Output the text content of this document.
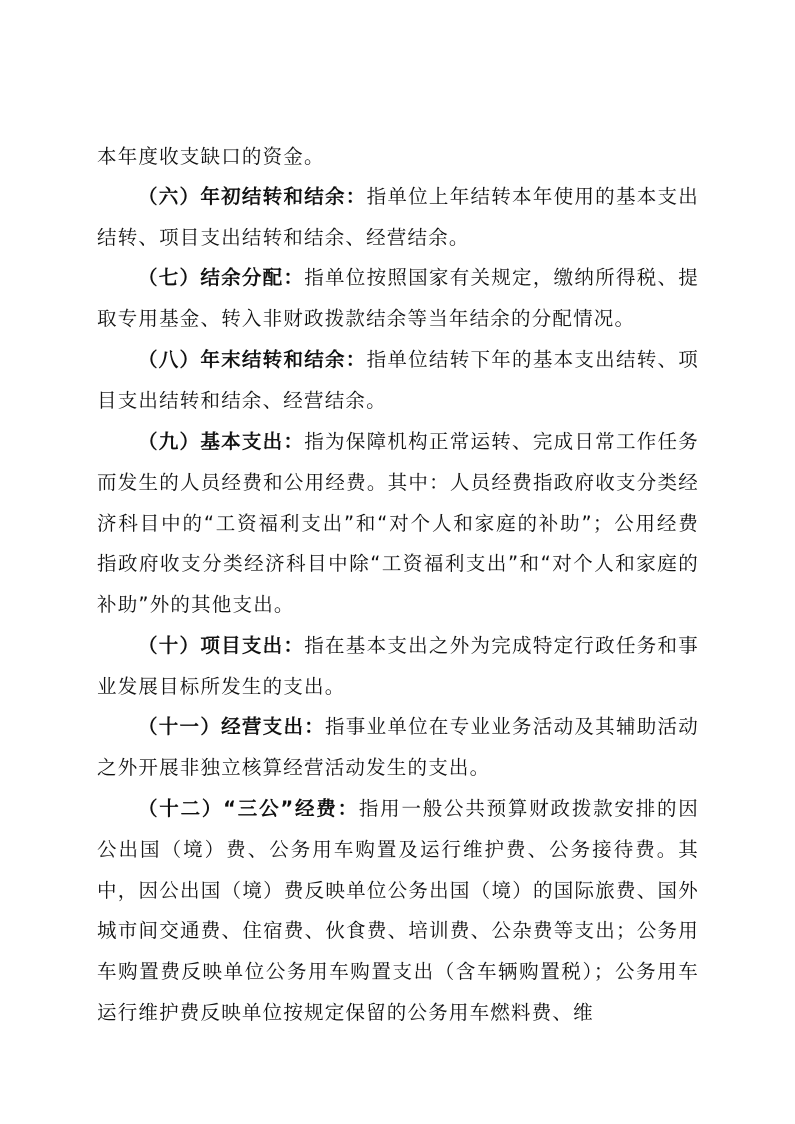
本年度收支缺口的资金。

（六）年初结转和结余：指单位上年结转本年使用的基本支出结转、项目支出结转和结余、经营结余。

（七）结余分配：指单位按照国家有关规定，缴纳所得税、提取专用基金、转入非财政拨款结余等当年结余的分配情况。

（八）年末结转和结余：指单位结转下年的基本支出结转、项目支出结转和结余、经营结余。

（九）基本支出：指为保障机构正常运转、完成日常工作任务而发生的人员经费和公用经费。其中：人员经费指政府收支分类经济科目中的“工资福利支出”和“对个人和家庭的补助”；公用经费指政府收支分类经济科目中除“工资福利支出”和“对个人和家庭的补助”外的其他支出。

（十）项目支出：指在基本支出之外为完成特定行政任务和事业发展目标所发生的支出。

（十一）经营支出：指事业单位在专业业务活动及其辅助活动之外开展非独立核算经营活动发生的支出。

（十二）“三公”经费：指用一般公共预算财政拨款安排的因公出国（境）费、公务用车购置及运行维护费、公务接待费。其中，因公出国（境）费反映单位公务出国（境）的国际旅费、国外城市间交通费、住宿费、伙食费、培训费、公杂费等支出；公务用车购置费反映单位公务用车购置支出（含车辆购置税）；公务用车运行维护费反映单位按规定保留的公务用车燃料费、维
